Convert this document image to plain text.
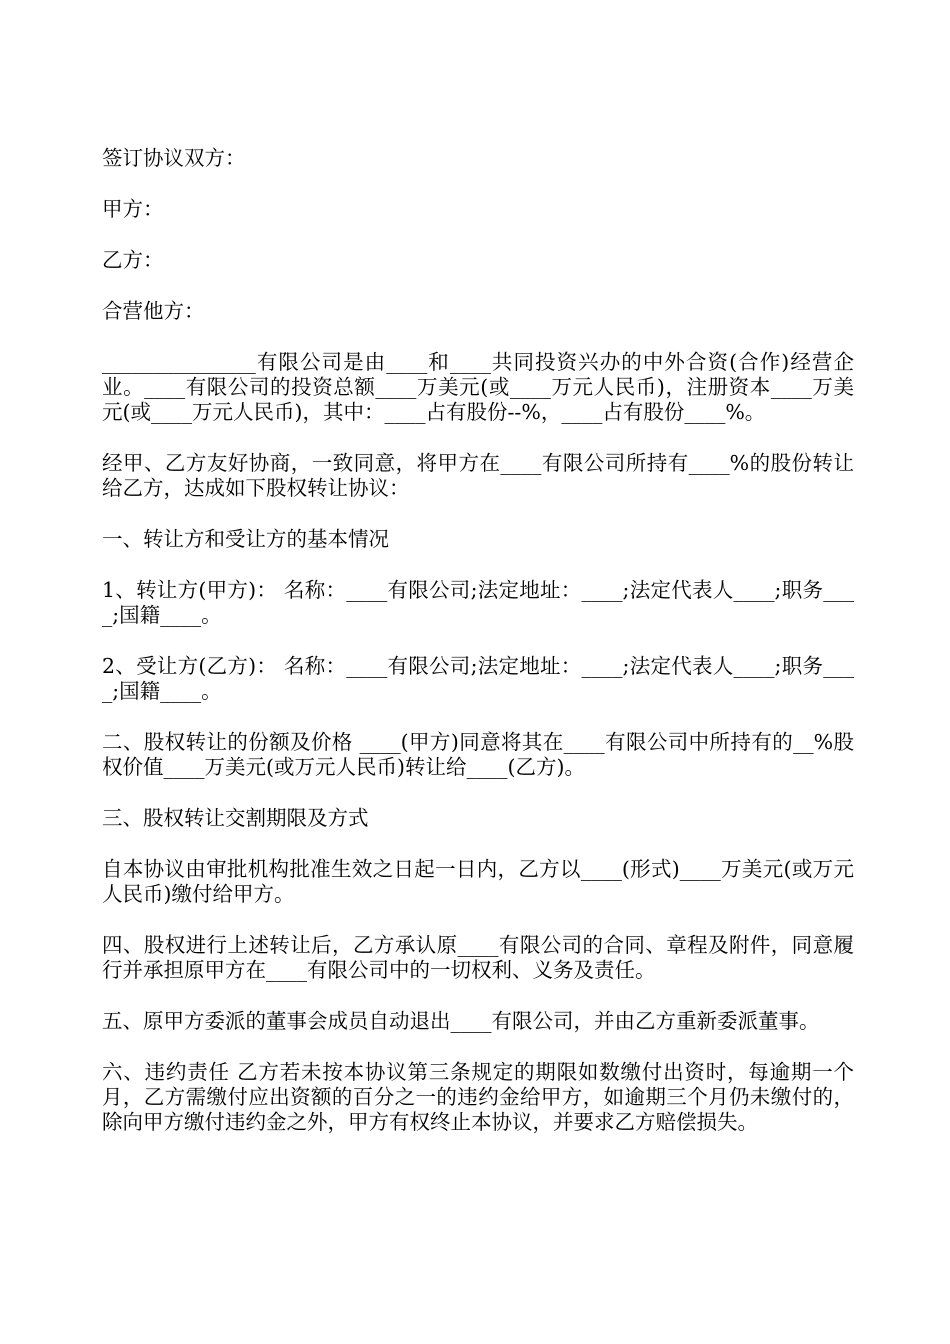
签订协议双方：

甲方：

乙方：

合营他方：

_______________有限公司是由____和____共同投资兴办的中外合资(合作)经营企业。____有限公司的投资总额____万美元(或____万元人民币)，注册资本____万美元(或____万元人民币)，其中：____占有股份--%，____占有股份____%。

经甲、乙方友好协商，一致同意，将甲方在____有限公司所持有____%的股份转让给乙方，达成如下股权转让协议：

一、转让方和受让方的基本情况

1、转让方(甲方)： 名称：____有限公司;法定地址：____;法定代表人____;职务____;国籍____。

2、受让方(乙方)： 名称：____有限公司;法定地址：____;法定代表人____;职务____;国籍____。

二、股权转让的份额及价格 ____(甲方)同意将其在____有限公司中所持有的__%股权价值____万美元(或万元人民币)转让给____(乙方)。

三、股权转让交割期限及方式

自本协议由审批机构批准生效之日起一日内，乙方以____(形式)____万美元(或万元人民币)缴付给甲方。

四、股权进行上述转让后，乙方承认原____有限公司的合同、章程及附件，同意履行并承担原甲方在____有限公司中的一切权利、义务及责任。

五、原甲方委派的董事会成员自动退出____有限公司，并由乙方重新委派董事。

六、违约责任 乙方若未按本协议第三条规定的期限如数缴付出资时，每逾期一个月，乙方需缴付应出资额的百分之一的违约金给甲方，如逾期三个月仍未缴付的，除向甲方缴付违约金之外，甲方有权终止本协议，并要求乙方赔偿损失。
